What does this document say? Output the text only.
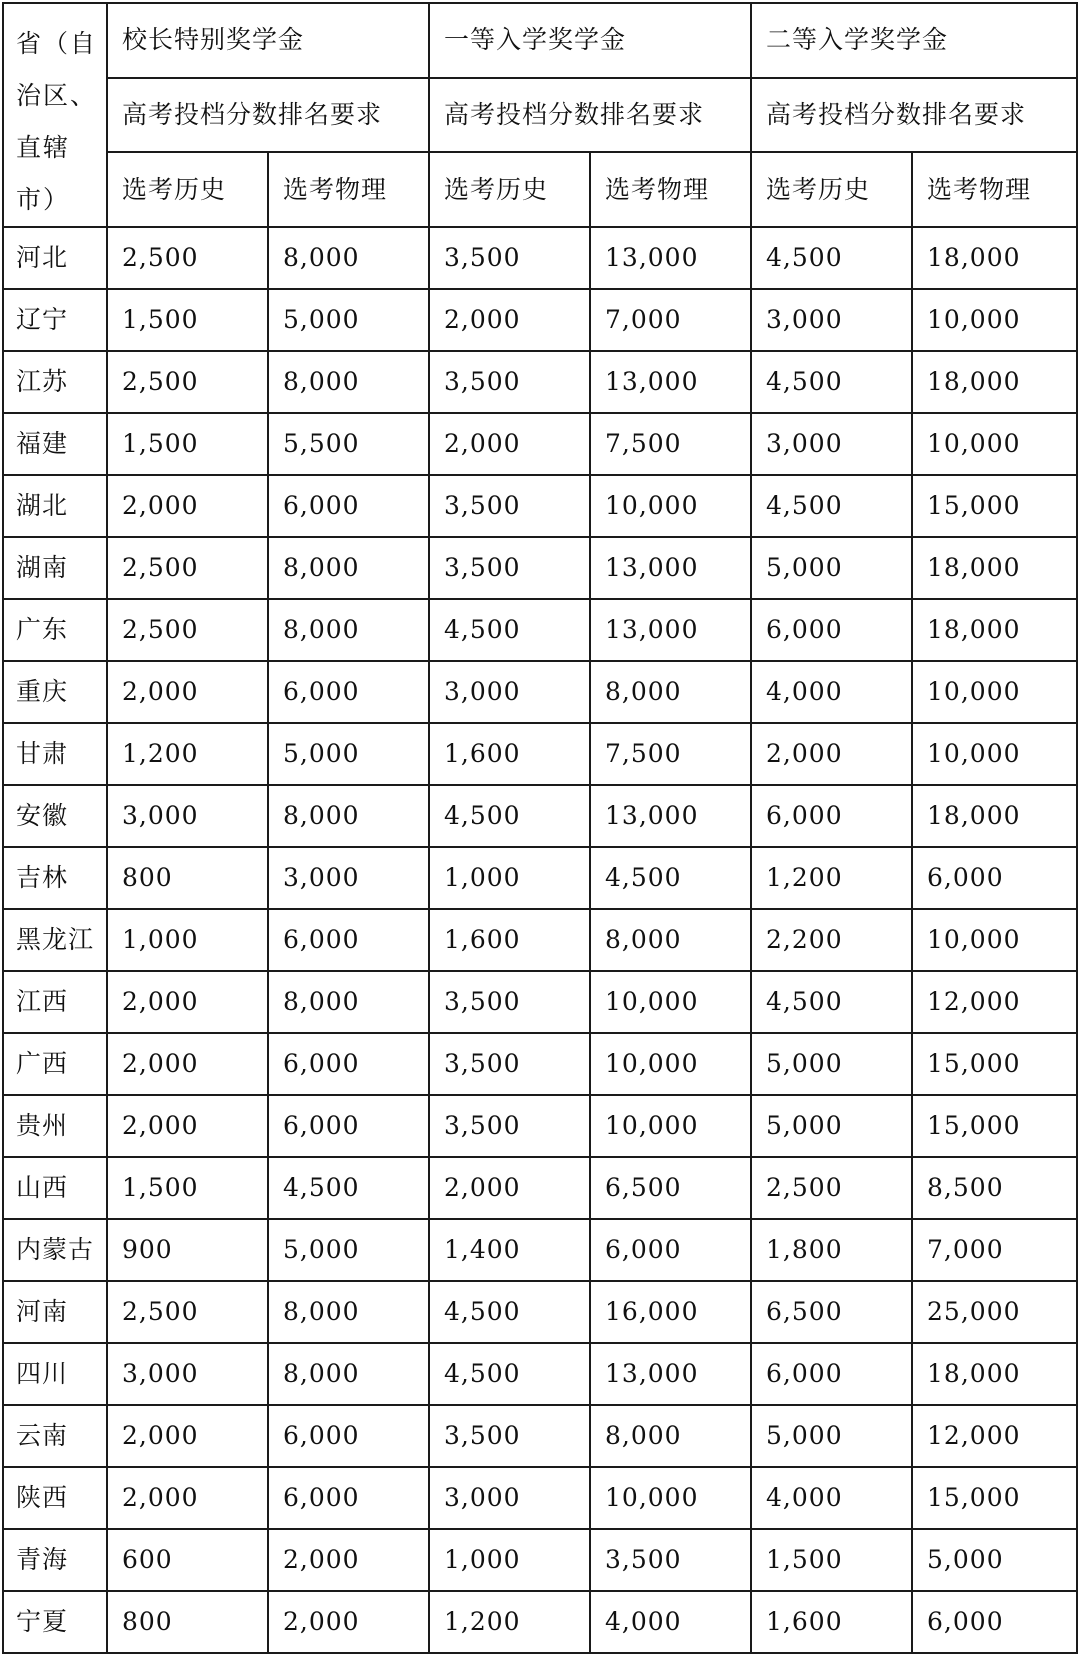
省（自治区、直辖市）	校长特别奖学金		一等入学奖学金		二等入学奖学金	
	高考投档分数排名要求		高考投档分数排名要求		高考投档分数排名要求	
	选考历史	选考物理	选考历史	选考物理	选考历史	选考物理
河北	2,500	8,000	3,500	13,000	4,500	18,000
辽宁	1,500	5,000	2,000	7,000	3,000	10,000
江苏	2,500	8,000	3,500	13,000	4,500	18,000
福建	1,500	5,500	2,000	7,500	3,000	10,000
湖北	2,000	6,000	3,500	10,000	4,500	15,000
湖南	2,500	8,000	3,500	13,000	5,000	18,000
广东	2,500	8,000	4,500	13,000	6,000	18,000
重庆	2,000	6,000	3,000	8,000	4,000	10,000
甘肃	1,200	5,000	1,600	7,500	2,000	10,000
安徽	3,000	8,000	4,500	13,000	6,000	18,000
吉林	800	3,000	1,000	4,500	1,200	6,000
黑龙江	1,000	6,000	1,600	8,000	2,200	10,000
江西	2,000	8,000	3,500	10,000	4,500	12,000
广西	2,000	6,000	3,500	10,000	5,000	15,000
贵州	2,000	6,000	3,500	10,000	5,000	15,000
山西	1,500	4,500	2,000	6,500	2,500	8,500
内蒙古	900	5,000	1,400	6,000	1,800	7,000
河南	2,500	8,000	4,500	16,000	6,500	25,000
四川	3,000	8,000	4,500	13,000	6,000	18,000
云南	2,000	6,000	3,500	8,000	5,000	12,000
陕西	2,000	6,000	3,000	10,000	4,000	15,000
青海	600	2,000	1,000	3,500	1,500	5,000
宁夏	800	2,000	1,200	4,000	1,600	6,000
